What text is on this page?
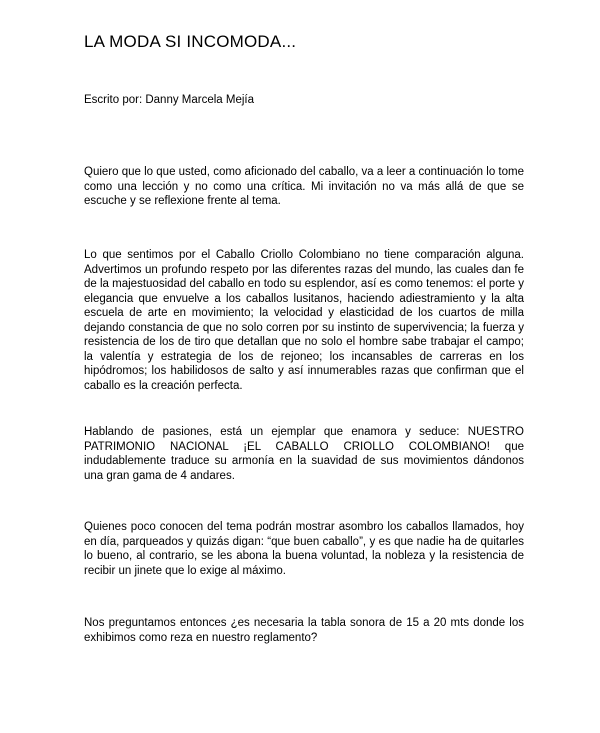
LA MODA SI INCOMODA...
Escrito por: Danny Marcela Mejía

Quiero que lo que usted, como aficionado del caballo, va a leer a continuación lo tome como una lección y no como una crítica. Mi invitación no va más allá de que se escuche y se reflexione frente al tema.

Lo que sentimos por el Caballo Criollo Colombiano no tiene comparación alguna. Advertimos un profundo respeto por las diferentes razas del mundo, las cuales dan fe de la majestuosidad del caballo en todo su esplendor, así es como tenemos: el porte y elegancia que envuelve a los caballos lusitanos, haciendo adiestramiento y la alta escuela de arte en movimiento; la velocidad y elasticidad de los cuartos de milla dejando constancia de que no solo corren por su instinto de supervivencia; la fuerza y resistencia de los de tiro que detallan que no solo el hombre sabe trabajar el campo; la valentía y estrategia de los de rejoneo; los incansables de carreras en los hipódromos; los habilidosos de salto y así innumerables razas que confirman que el caballo es la creación perfecta.

Hablando de pasiones, está un ejemplar que enamora y seduce: NUESTRO PATRIMONIO NACIONAL ¡EL CABALLO CRIOLLO COLOMBIANO! que indudablemente traduce su armonía en la suavidad de sus movimientos dándonos una gran gama de 4 andares.

Quienes poco conocen del tema podrán mostrar asombro los caballos llamados, hoy en día, parqueados y quizás digan: “que buen caballo”, y es que nadie ha de quitarles lo bueno, al contrario, se les abona la buena voluntad, la nobleza y la resistencia de recibir un jinete que lo exige al máximo.

Nos preguntamos entonces ¿es necesaria la tabla sonora de 15 a 20 mts donde los exhibimos como reza en nuestro reglamento?
